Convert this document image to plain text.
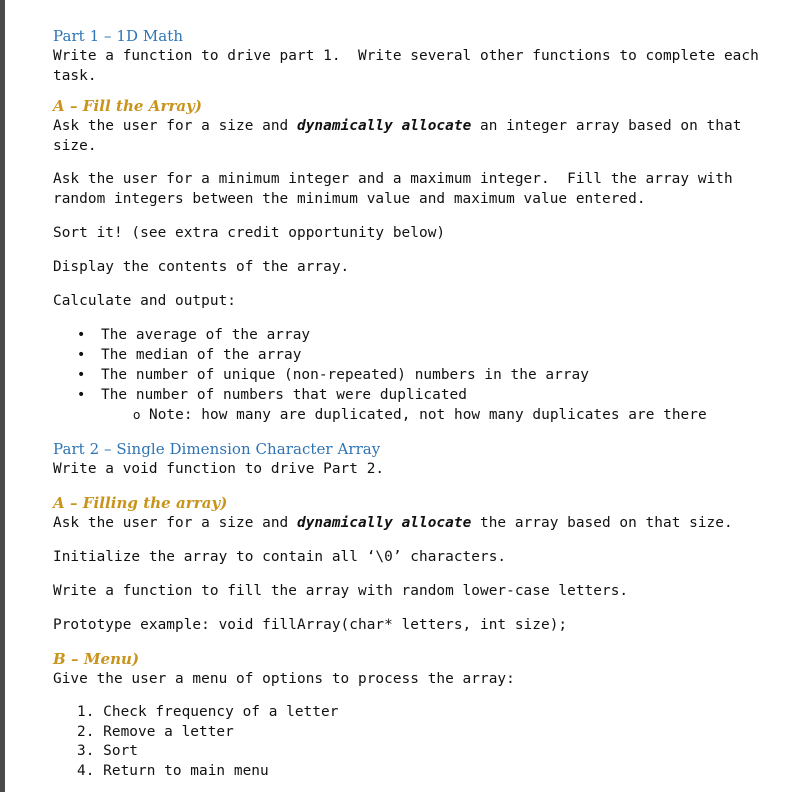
Part 1 – 1D Math

Write a function to drive part 1.  Write several other functions to complete each task.

A – Fill the Array)

Ask the user for a size and dynamically allocate an integer array based on that size.

Ask the user for a minimum integer and a maximum integer.  Fill the array with random integers between the minimum value and maximum value entered.

Sort it! (see extra credit opportunity below)

Display the contents of the array.

Calculate and output:

• The average of the array
• The median of the array
• The number of unique (non-repeated) numbers in the array
• The number of numbers that were duplicated
o Note: how many are duplicated, not how many duplicates are there
Part 2 – Single Dimension Character Array

Write a void function to drive Part 2.

A – Filling the array)

Ask the user for a size and dynamically allocate the array based on that size.

Initialize the array to contain all ‘\0’ characters.

Write a function to fill the array with random lower-case letters.

Prototype example: void fillArray(char* letters, int size);

B – Menu)

Give the user a menu of options to process the array:

1. Check frequency of a letter
2. Remove a letter
3. Sort
4. Return to main menu
